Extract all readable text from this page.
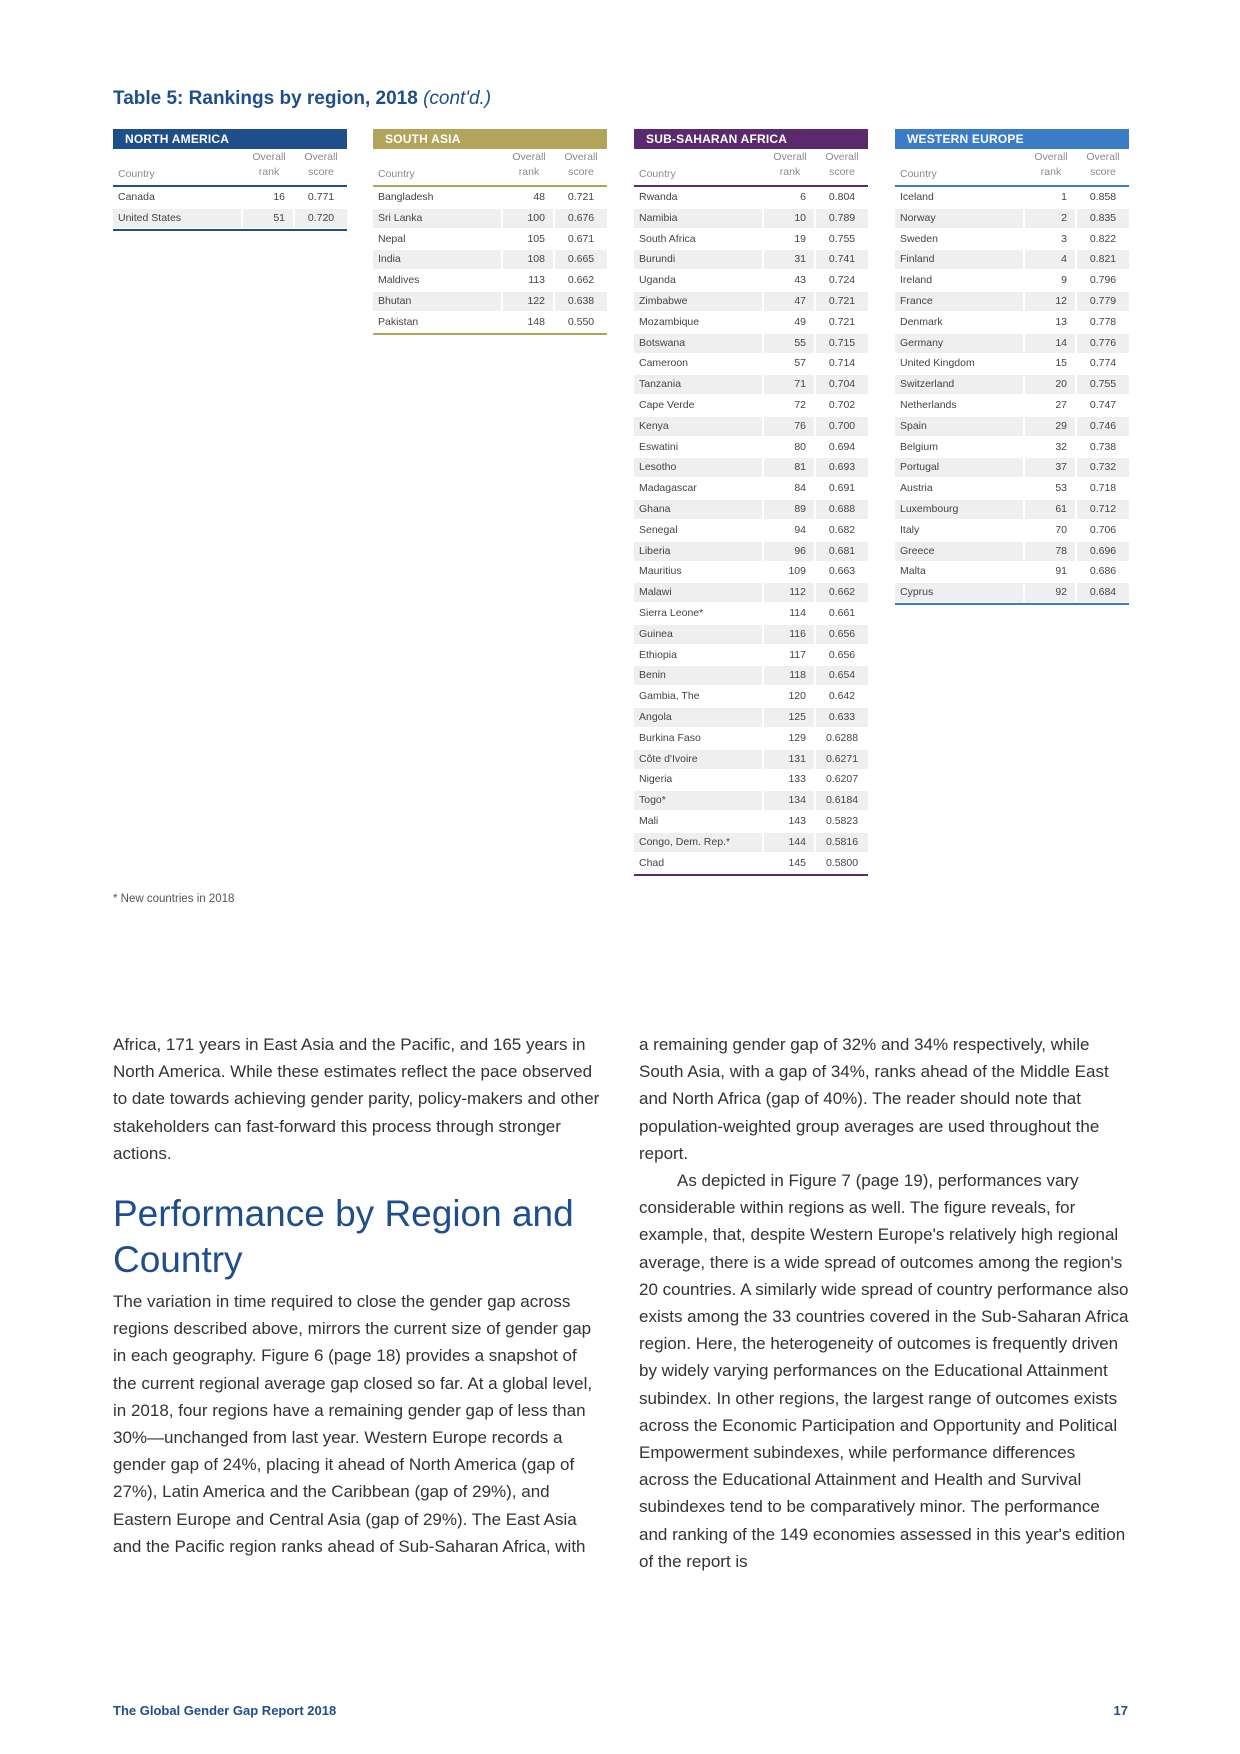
Table 5: Rankings by region, 2018 (cont'd.)
NORTH AMERICA
Country
Overall
rank
Overall
score
Canada	16	0.771
United States	51	0.720
SOUTH ASIA
Country
Overall
rank
Overall
score
Bangladesh	48	0.721
Sri Lanka	100	0.676
Nepal	105	0.671
India	108	0.665
Maldives	113	0.662
Bhutan	122	0.638
Pakistan	148	0.550
SUB-SAHARAN AFRICA
Country
Overall
rank
Overall
score
Rwanda	6	0.804
Namibia	10	0.789
South Africa	19	0.755
Burundi	31	0.741
Uganda	43	0.724
Zimbabwe	47	0.721
Mozambique	49	0.721
Botswana	55	0.715
Cameroon	57	0.714
Tanzania	71	0.704
Cape Verde	72	0.702
Kenya	76	0.700
Eswatini	80	0.694
Lesotho	81	0.693
Madagascar	84	0.691
Ghana	89	0.688
Senegal	94	0.682
Liberia	96	0.681
Mauritius	109	0.663
Malawi	112	0.662
Sierra Leone*	114	0.661
Guinea	116	0.656
Ethiopia	117	0.656
Benin	118	0.654
Gambia, The	120	0.642
Angola	125	0.633
Burkina Faso	129	0.6288
Côte d'Ivoire	131	0.6271
Nigeria	133	0.6207
Togo*	134	0.6184
Mali	143	0.5823
Congo, Dem. Rep.*	144	0.5816
Chad	145	0.5800
WESTERN EUROPE
Country
Overall
rank
Overall
score
Iceland	1	0.858
Norway	2	0.835
Sweden	3	0.822
Finland	4	0.821
Ireland	9	0.796
France	12	0.779
Denmark	13	0.778
Germany	14	0.776
United Kingdom	15	0.774
Switzerland	20	0.755
Netherlands	27	0.747
Spain	29	0.746
Belgium	32	0.738
Portugal	37	0.732
Austria	53	0.718
Luxembourg	61	0.712
Italy	70	0.706
Greece	78	0.696
Malta	91	0.686
Cyprus	92	0.684
* New countries in 2018

Africa, 171 years in East Asia and the Pacific, and 165 years in North America. While these estimates reflect the pace observed to date towards achieving gender parity, policy-makers and other stakeholders can fast-forward this process through stronger actions.

Performance by Region and Country

The variation in time required to close the gender gap across regions described above, mirrors the current size of gender gap in each geography. Figure 6 (page 18) provides a snapshot of the current regional average gap closed so far. At a global level, in 2018, four regions have a remaining gender gap of less than 30%—unchanged from last year. Western Europe records a gender gap of 24%, placing it ahead of North America (gap of 27%), Latin America and the Caribbean (gap of 29%), and Eastern Europe and Central Asia (gap of 29%). The East Asia and the Pacific region ranks ahead of Sub-Saharan Africa, with

a remaining gender gap of 32% and 34% respectively, while South Asia, with a gap of 34%, ranks ahead of the Middle East and North Africa (gap of 40%). The reader should note that population-weighted group averages are used throughout the report.

As depicted in Figure 7 (page 19), performances vary considerable within regions as well. The figure reveals, for example, that, despite Western Europe's relatively high regional average, there is a wide spread of outcomes among the region's 20 countries. A similarly wide spread of country performance also exists among the 33 countries covered in the Sub-Saharan Africa region. Here, the heterogeneity of outcomes is frequently driven by widely varying performances on the Educational Attainment subindex. In other regions, the largest range of outcomes exists across the Economic Participation and Opportunity and Political Empowerment subindexes, while performance differences across the Educational Attainment and Health and Survival subindexes tend to be comparatively minor. The performance and ranking of the 149 economies assessed in this year's edition of the report is

The Global Gender Gap Report 2018	17
